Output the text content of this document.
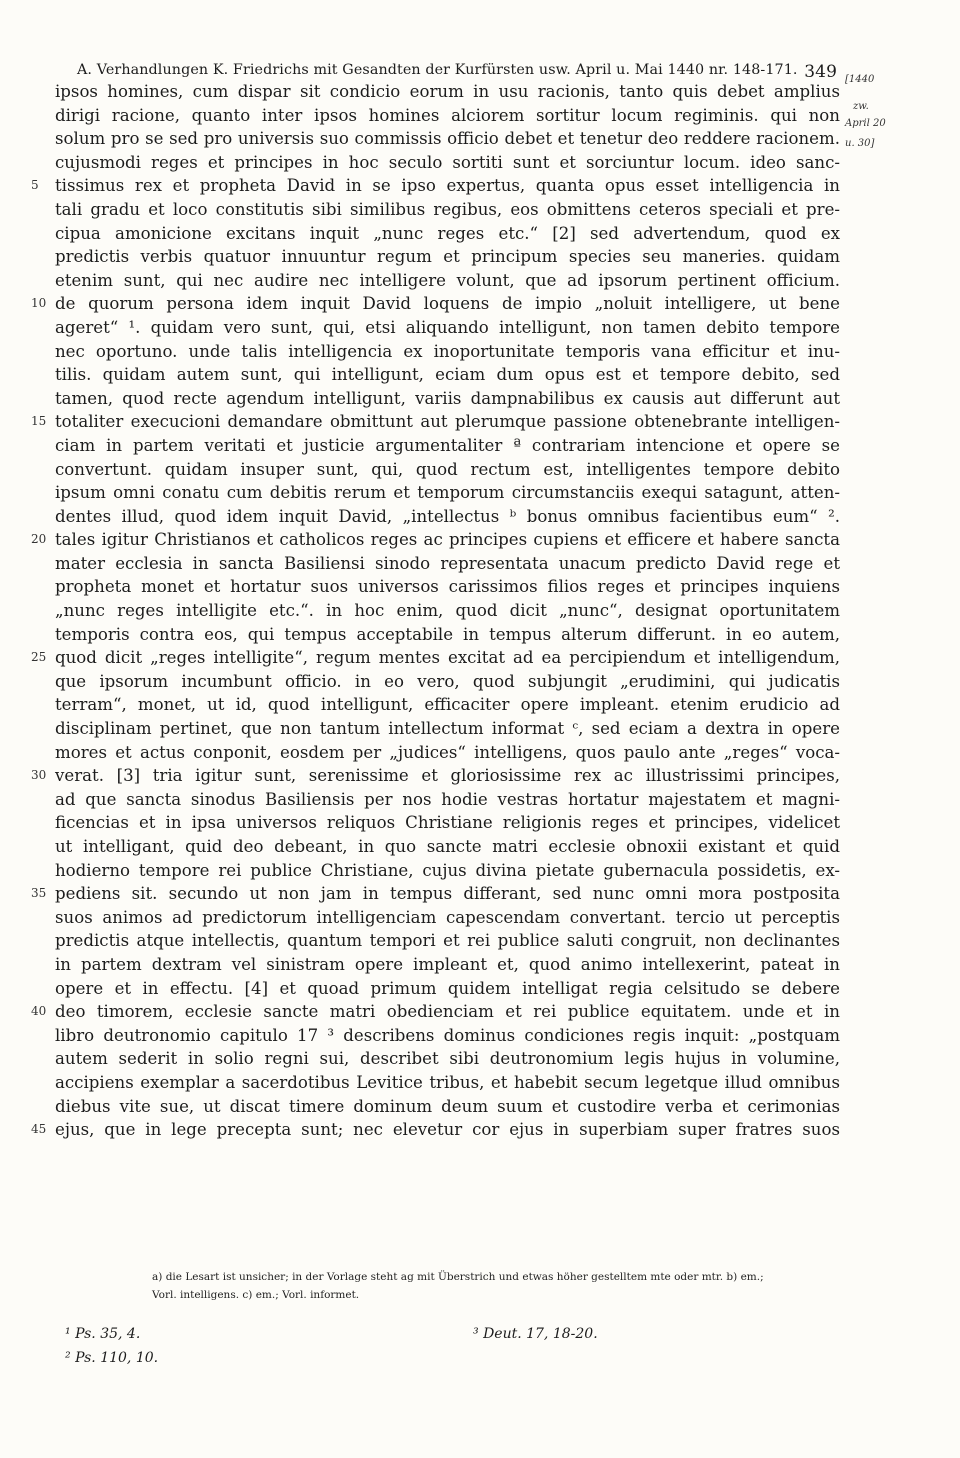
A. Verhandlungen K. Friedrichs mit Gesandten der Kurfürsten usw. April u. Mai 1440 nr. 148-171. 349 [1440
zw.
April 20
u. 30]
ipsos homines, cum dispar sit condicio eorum in usu racionis, tanto quis debet amplius
dirigi racione, quanto inter ipsos homines alciorem sortitur locum regiminis. qui non
solum pro se sed pro universis suo commissis officio debet et tenetur deo reddere racionem.
cujusmodi reges et principes in hoc seculo sortiti sunt et sorciuntur locum. ideo sanc-
5 tissimus rex et propheta David in se ipso expertus, quanta opus esset intelligencia in
tali gradu et loco constitutis sibi similibus regibus, eos obmittens ceteros speciali et pre-
cipua amonicione excitans inquit „nunc reges etc.“ [2] sed advertendum, quod ex
predictis verbis quatuor innuuntur regum et principum species seu maneries. quidam
etenim sunt, qui nec audire nec intelligere volunt, que ad ipsorum pertinent officium.
10 de quorum persona idem inquit David loquens de impio „noluit intelligere, ut bene
ageret“ ¹. quidam vero sunt, qui, etsi aliquando intelligunt, non tamen debito tempore
nec oportuno. unde talis intelligencia ex inoportunitate temporis vana efficitur et inu-
tilis. quidam autem sunt, qui intelligunt, eciam dum opus est et tempore debito, sed
tamen, quod recte agendum intelligunt, variis dampnabilibus ex causis aut differunt aut
15 totaliter execucioni demandare obmittunt aut plerumque passione obtenebrante intelligen-
ciam in partem veritati et justicie argumentaliter ª contrariam intencione et opere se
convertunt. quidam insuper sunt, qui, quod rectum est, intelligentes tempore debito
ipsum omni conatu cum debitis rerum et temporum circumstanciis exequi satagunt, atten-
dentes illud, quod idem inquit David, „intellectus ᵇ bonus omnibus facientibus eum“ ².
20 tales igitur Christianos et catholicos reges ac principes cupiens et efficere et habere sancta
mater ecclesia in sancta Basiliensi sinodo representata unacum predicto David rege et
propheta monet et hortatur suos universos carissimos filios reges et principes inquiens
„nunc reges intelligite etc.“. in hoc enim, quod dicit „nunc“, designat oportunitatem
temporis contra eos, qui tempus acceptabile in tempus alterum differunt. in eo autem,
25 quod dicit „reges intelligite“, regum mentes excitat ad ea percipiendum et intelligendum,
que ipsorum incumbunt officio. in eo vero, quod subjungit „erudimini, qui judicatis
terram“, monet, ut id, quod intelligunt, efficaciter opere impleant. etenim erudicio ad
disciplinam pertinet, que non tantum intellectum informat ᶜ, sed eciam a dextra in opere
mores et actus conponit, eosdem per „judices“ intelligens, quos paulo ante „reges“ voca-
30 verat. [3] tria igitur sunt, serenissime et gloriosissime rex ac illustrissimi principes,
ad que sancta sinodus Basiliensis per nos hodie vestras hortatur majestatem et magni-
ficencias et in ipsa universos reliquos Christiane religionis reges et principes, videlicet
ut intelligant, quid deo debeant, in quo sancte matri ecclesie obnoxii existant et quid
hodierno tempore rei publice Christiane, cujus divina pietate gubernacula possidetis, ex-
35 pediens sit. secundo ut non jam in tempus differant, sed nunc omni mora postposita
suos animos ad predictorum intelligenciam capescendam convertant. tercio ut perceptis
predictis atque intellectis, quantum tempori et rei publice saluti congruit, non declinantes
in partem dextram vel sinistram opere impleant et, quod animo intellexerint, pateat in
opere et in effectu. [4] et quoad primum quidem intelligat regia celsitudo se debere
40 deo timorem, ecclesie sancte matri obedienciam et rei publice equitatem. unde et in
libro deutronomio capitulo 17 ³ describens dominus condiciones regis inquit: „postquam
autem sederit in solio regni sui, describet sibi deutronomium legis hujus in volumine,
accipiens exemplar a sacerdotibus Levitice tribus, et habebit secum legetque illud omnibus
diebus vite sue, ut discat timere dominum deum suum et custodire verba et cerimonias
45 ejus, que in lege precepta sunt; nec elevetur cor ejus in superbiam super fratres suos
a) die Lesart ist unsicher; in der Vorlage steht ag mit Überstrich und etwas höher gestelltem mte oder mtr. b) em.;
Vorl. intelligens. c) em.; Vorl. informet.
¹ Ps. 35, 4.
² Ps. 110, 10.
³ Deut. 17, 18-20.
